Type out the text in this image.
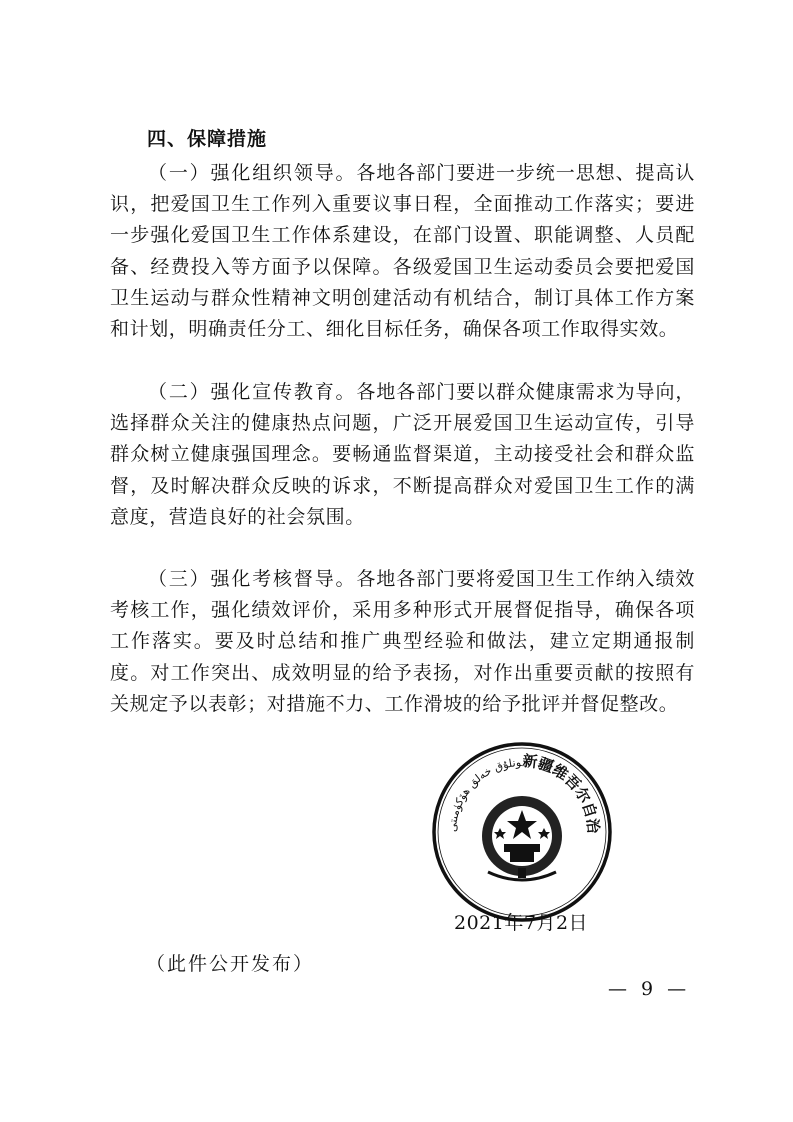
四、保障措施

（一）强化组织领导。各地各部门要进一步统一思想、提高认识，把爱国卫生工作列入重要议事日程，全面推动工作落实；要进一步强化爱国卫生工作体系建设，在部门设置、职能调整、人员配备、经费投入等方面予以保障。各级爱国卫生运动委员会要把爱国卫生运动与群众性精神文明创建活动有机结合，制订具体工作方案和计划，明确责任分工、细化目标任务，确保各项工作取得实效。

（二）强化宣传教育。各地各部门要以群众健康需求为导向，选择群众关注的健康热点问题，广泛开展爱国卫生运动宣传，引导群众树立健康强国理念。要畅通监督渠道，主动接受社会和群众监督，及时解决群众反映的诉求，不断提高群众对爱国卫生工作的满意度，营造良好的社会氛围。

（三）强化考核督导。各地各部门要将爱国卫生工作纳入绩效考核工作，强化绩效评价，采用多种形式开展督促指导，确保各项工作落实。要及时总结和推广典型经验和做法，建立定期通报制度。对工作突出、成效明显的给予表扬，对作出重要贡献的按照有关规定予以表彰；对措施不力、工作滑坡的给予批评并督促整改。

新疆维吾尔自治
ونلۇق خەلق ھۆكۈمىتى
2021年7月2日
（此件公开发布）
— 9 —
